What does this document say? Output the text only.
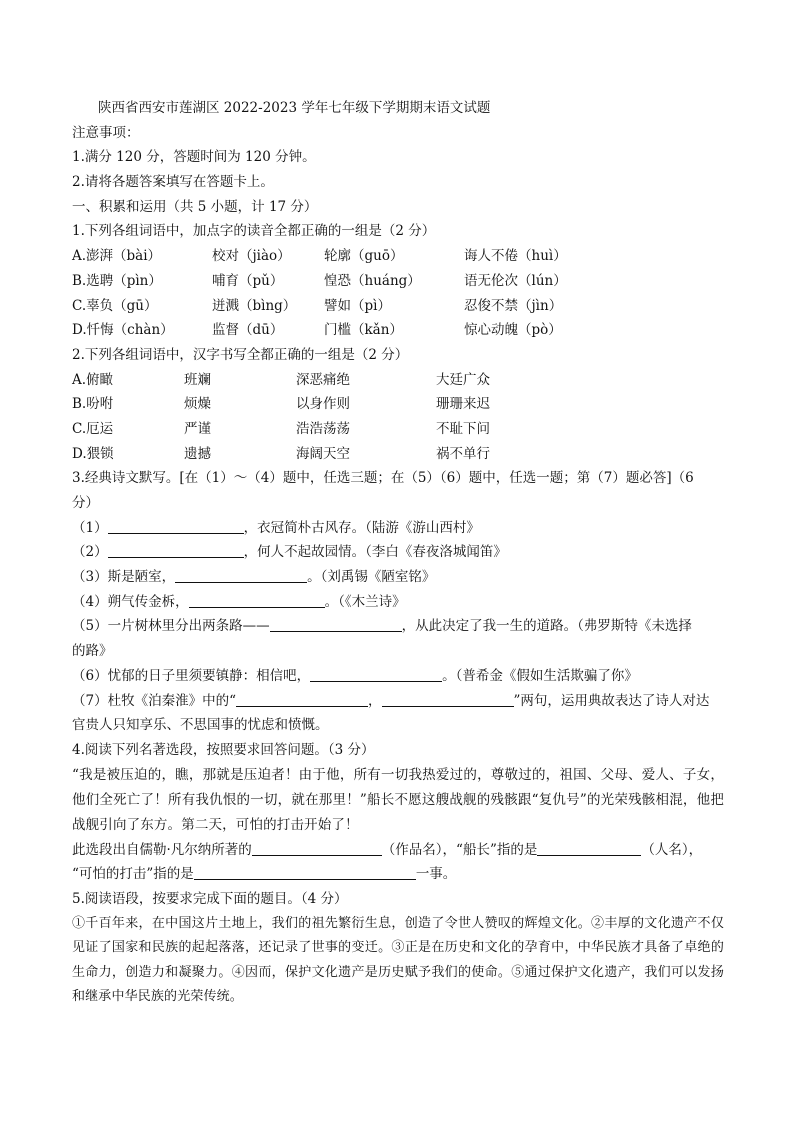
陕西省西安市莲湖区 2022-2023 学年七年级下学期期末语文试题
注意事项：
1.满分 120 分，答题时间为 120 分钟。
2.请将各题答案填写在答题卡上。
一、积累和运用（共 5 小题，计 17 分）
1.下列各组词语中，加点字的读音全都正确的一组是（2 分）
A.澎湃（bài）	校对（jiào） 轮廓（guō）	诲人不倦（huì）
B.选聘（pìn）	哺育（pǔ）	惶恐（huáng）	语无伦次（lún）
C.辜负（gū）	迸溅（bìng） 譬如（pì）	忍俊不禁（jìn）
D.忏悔（chàn）	监督（dū）	门槛（kǎn）	惊心动魄（pò）
2.下列各组词语中，汉字书写全都正确的一组是（2 分）
A.俯瞰	班斓	深恶痛绝	大廷广众
B.吩咐	烦燥	以身作则	珊珊来迟
C.厄运	严谨	浩浩荡荡	不耻下问
D.猥锁	遗撼	海阔天空	祸不单行
3.经典诗文默写。[在（1）～（4）题中，任选三题；在（5）（6）题中，任选一题；第（7）题必答]（6
分）
（1）	，衣冠简朴古风存。（陆游《游山西村》
（2）	，何人不起故园情。（李白《春夜洛城闻笛》
（3）斯是陋室，	。（刘禹锡《陋室铭》
（4）朔气传金柝，	。（《木兰诗》
（5）一片树林里分出两条路——	，从此决定了我一生的道路。（弗罗斯特《未选择
的路》
（6）忧郁的日子里须要镇静：相信吧，	。（普希金《假如生活欺骗了你》
（7）杜牧《泊秦淮》中的“	，	”两句，运用典故表达了诗人对达
官贵人只知享乐、不思国事的忧虑和愤慨。
4.阅读下列名著选段，按照要求回答问题。（3 分）
“我是被压迫的，瞧，那就是压迫者！由于他，所有一切我热爱过的，尊敬过的，祖国、父母、爱人、子女，他们全死亡了！所有我仇恨的一切，就在那里！”船长不愿这艘战舰的残骸跟“复仇号”的光荣残骸相混，他把战舰引向了东方。第二天，可怕的打击开始了！
此选段出自儒勒·凡尔纳所著的	（作品名），“船长”指的是	（人名），
“可怕的打击”指的是	一事。
5.阅读语段，按要求完成下面的题目。（4 分）
①千百年来，在中国这片土地上，我们的祖先繁衍生息，创造了令世人赞叹的辉煌文化。②丰厚的文化遗产不仅见证了国家和民族的起起落落，还记录了世事的变迁。③正是在历史和文化的孕育中，中华民族才具备了卓绝的生命力，创造力和凝聚力。④因而，保护文化遗产是历史赋予我们的使命。⑤通过保护文化遗产，我们可以发扬和继承中华民族的光荣传统。
